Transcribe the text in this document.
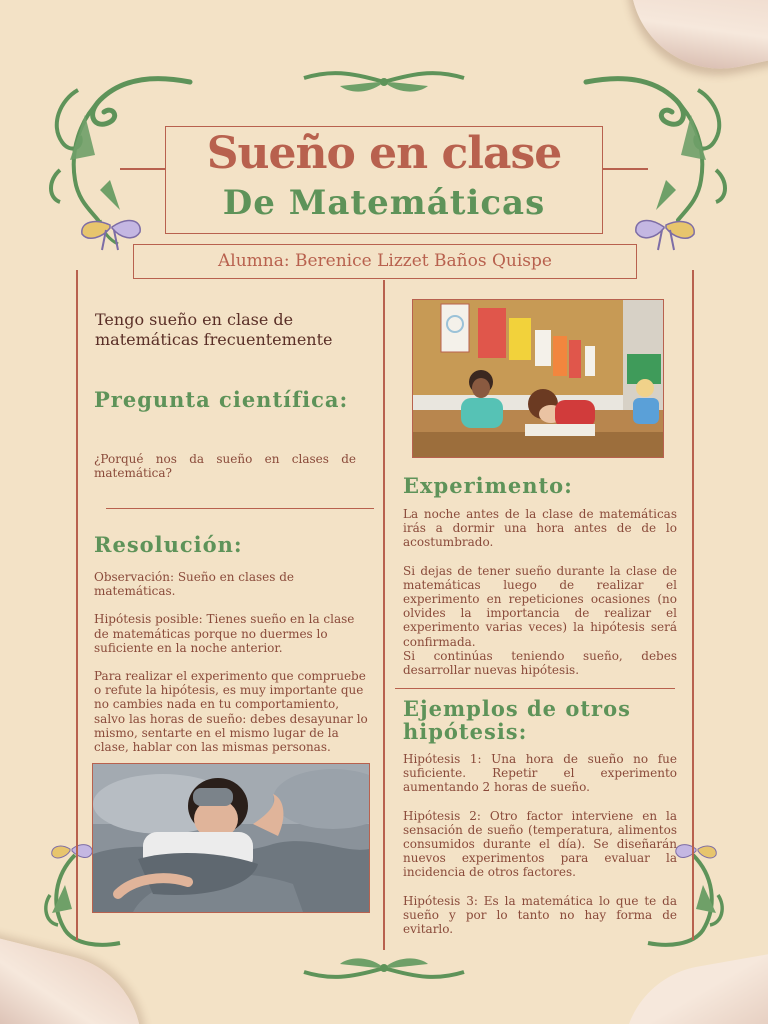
Sueño en clase
De Matemáticas
Alumna: Berenice Lizzet Baños Quispe
Tengo sueño en clase de matemáticas frecuentemente
Pregunta científica:
¿Porqué nos da sueño en clases de matemática?
Resolución:

Observación: Sueño en clases de matemáticas.

Hipótesis posible: Tienes sueño en la clase de matemáticas porque no duermes lo suficiente en la noche anterior.

Para realizar el experimento que compruebe o refute la hipótesis, es muy importante que no cambies nada en tu comportamiento, salvo las horas de sueño: debes desayunar lo mismo, sentarte en el mismo lugar de la clase, hablar con las mismas personas.

Experimento:

La noche antes de la clase de matemáticas irás a dormir una hora antes de de lo acostumbrado.

Si dejas de tener sueño durante la clase de matemáticas luego de realizar el experimento en repeticiones ocasiones (no olvides la importancia de realizar el experimento varias veces) la hipótesis será confirmada.

Si continúas teniendo sueño, debes desarrollar nuevas hipótesis.

Ejemplos de otros hipótesis:

Hipótesis 1: Una hora de sueño no fue suficiente. Repetir el experimento aumentando 2 horas de sueño.

Hipótesis 2: Otro factor interviene en la sensación de sueño (temperatura, alimentos consumidos durante el día). Se diseñarán nuevos experimentos para evaluar la incidencia de otros factores.

Hipótesis 3: Es la matemática lo que te da sueño y por lo tanto no hay forma de evitarlo.
